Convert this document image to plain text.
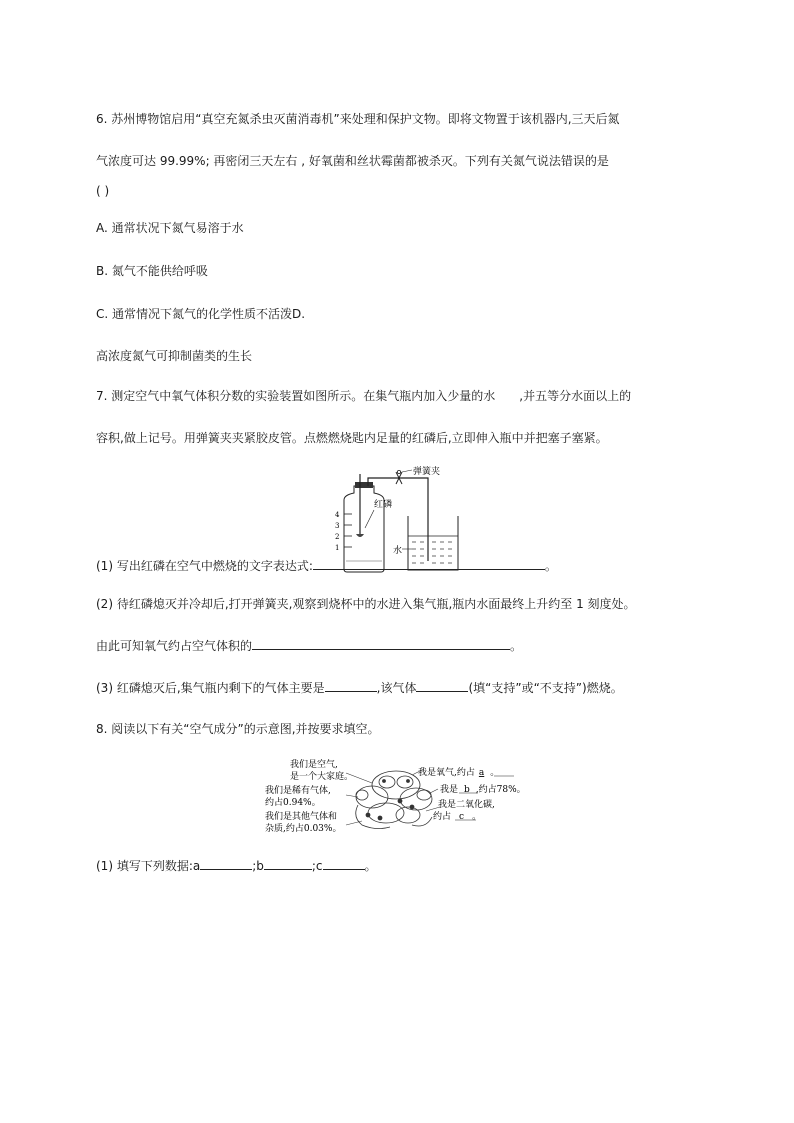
6. 苏州博物馆启用“真空充氮杀虫灭菌消毒机”来处理和保护文物。即将文物置于该机器内,三天后氮
气浓度可达 99.99%; 再密闭三天左右 , 好氧菌和丝状霉菌都被杀灭。下列有关氮气说法错误的是
( )
A. 通常状况下氮气易溶于水
B. 氮气不能供给呼吸
C. 通常情况下氮气的化学性质不活泼D.
高浓度氮气可抑制菌类的生长
7. 测定空气中氧气体积分数的实验装置如图所示。在集气瓶内加入少量的水 ,并五等分水面以上的
容积,做上记号。用弹簧夹夹紧胶皮管。点燃燃烧匙内足量的红磷后,立即伸入瓶中并把塞子塞紧。
4
3
2
1
红磷
弹簧夹
水
(1) 写出红磷在空气中燃烧的文字表达式:	。
(2) 待红磷熄灭并冷却后,打开弹簧夹,观察到烧杯中的水进入集气瓶,瓶内水面最终上升约至 1 刻度处。
由此可知氧气约占空气体积的	。
(3) 红磷熄灭后,集气瓶内剩下的气体主要是	,该气体	(填“支持”或“不支持”)燃烧。
8. 阅读以下有关“空气成分”的示意图,并按要求填空。
我们是空气,
是一个大家庭。	我是氧气,约占 a 。
我是 b ,约占78%。
我们是稀有气体,
约占0.94%。	我是二氧化碳,
约占 c 。
我们是其他气体和
杂质,约占0.03%。
(1) 填写下列数据:a	;b	;c	。
